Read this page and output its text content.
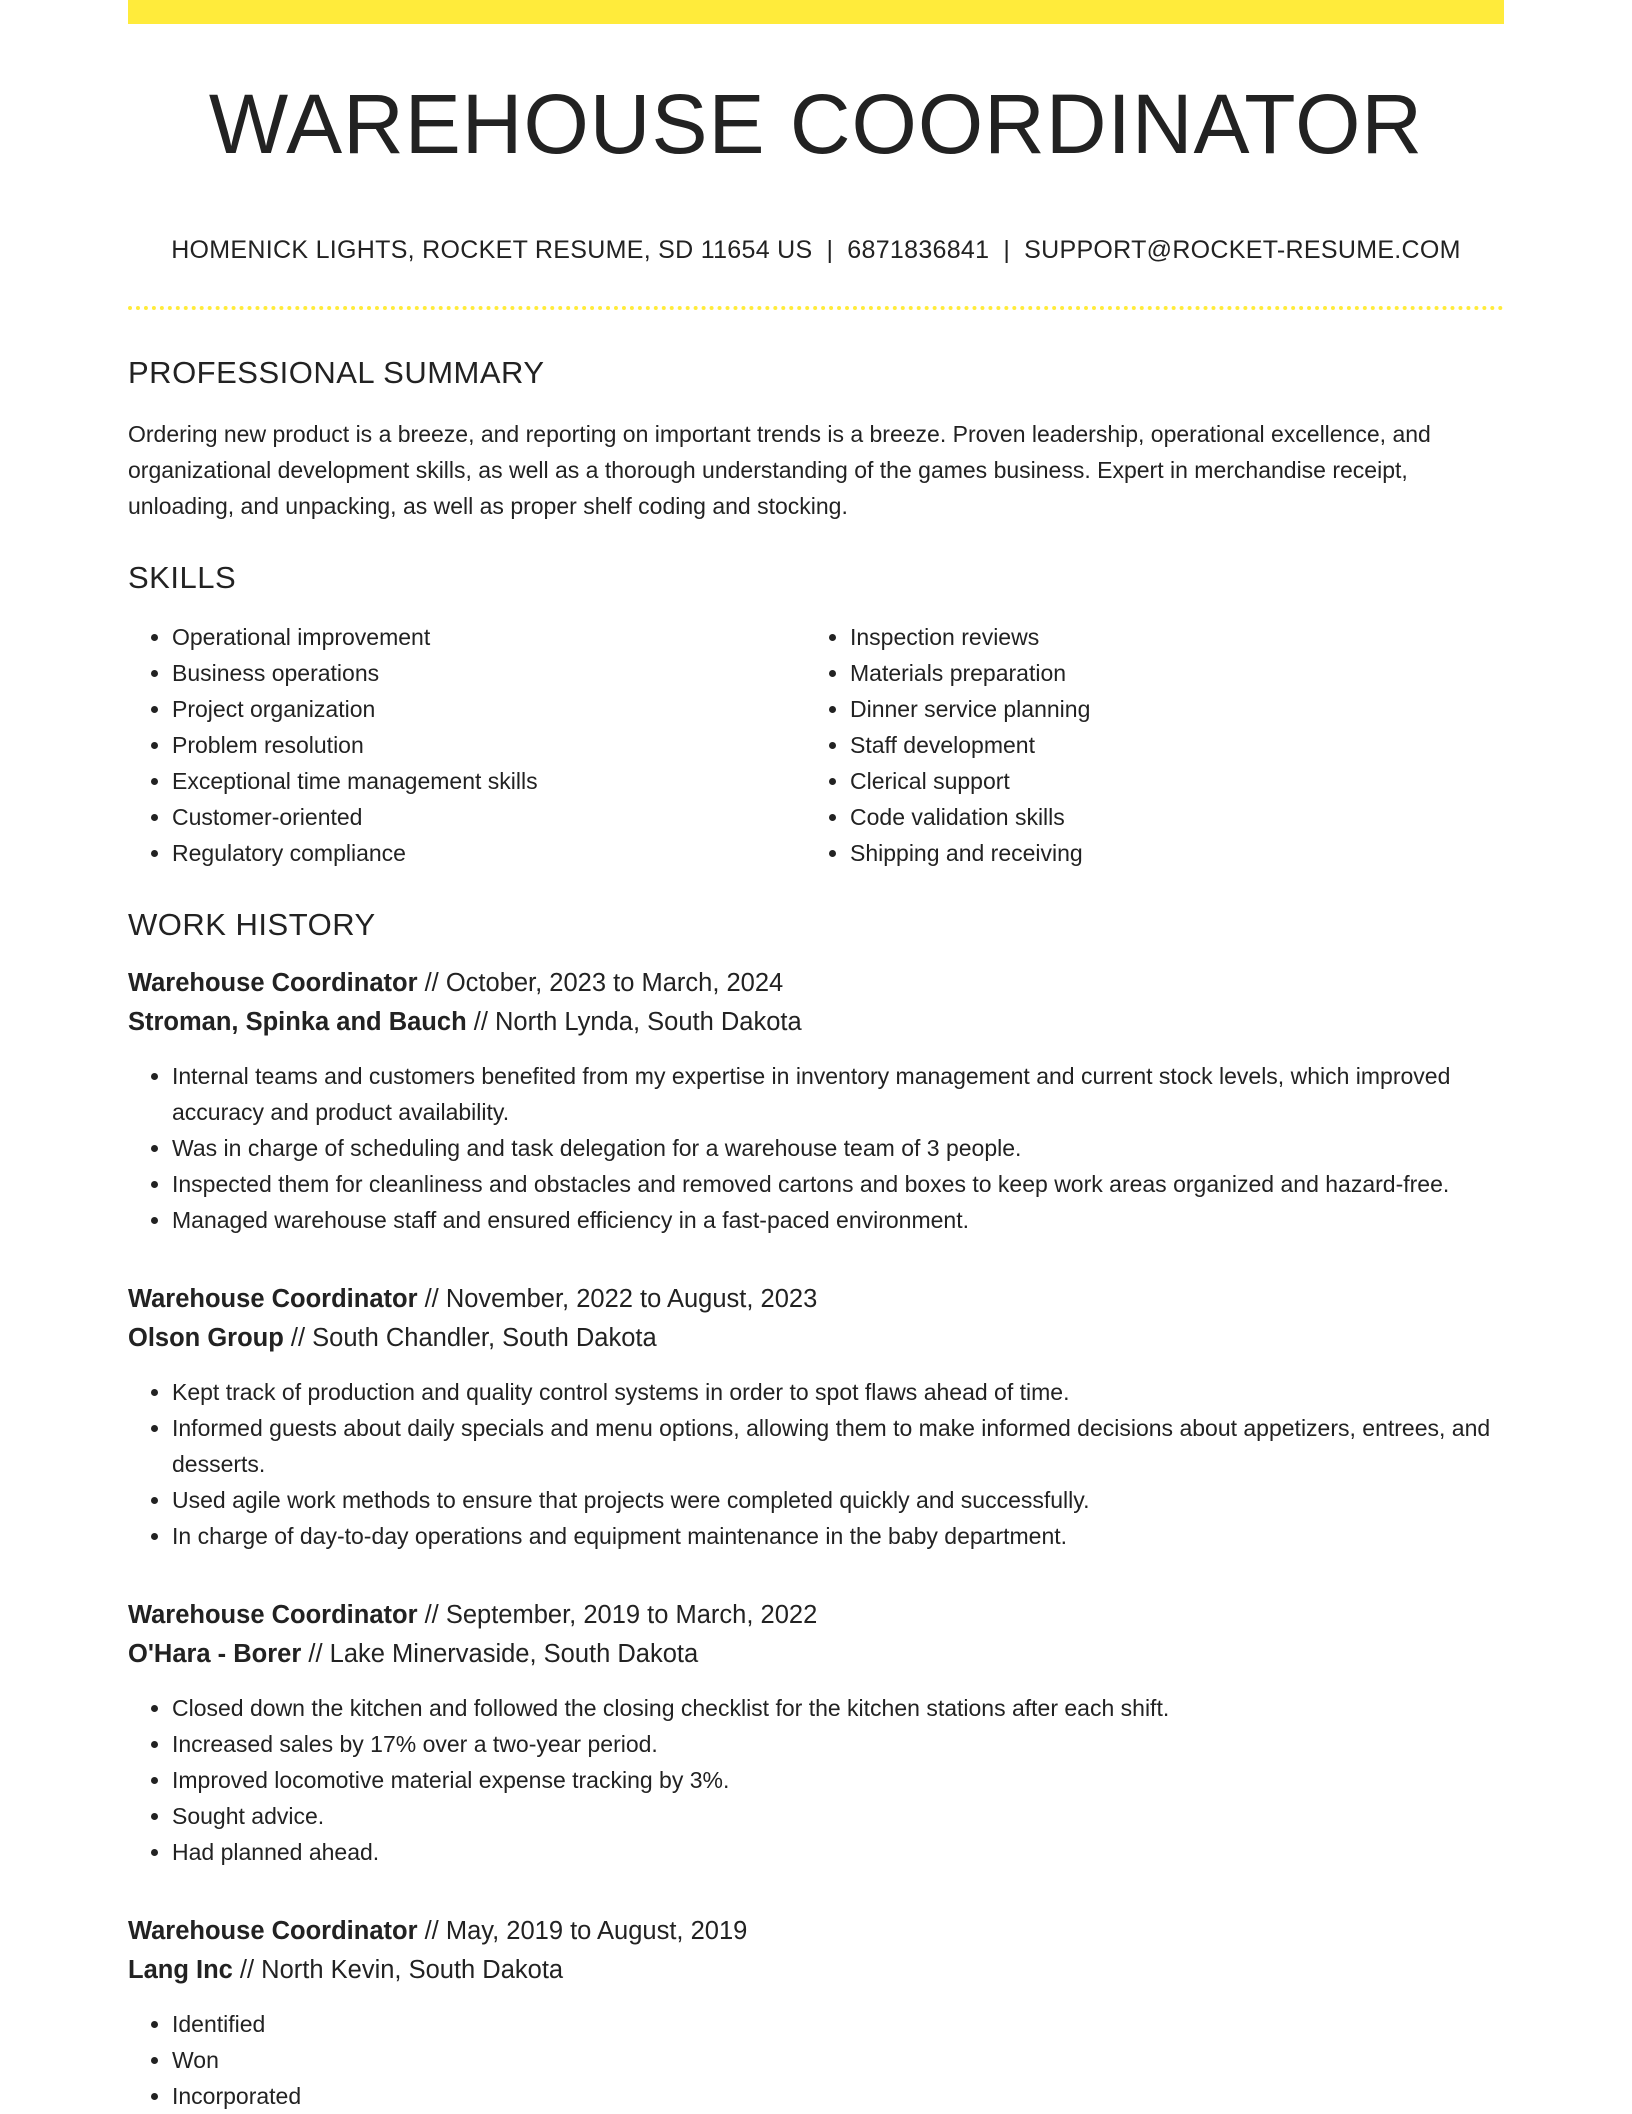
WAREHOUSE COORDINATOR
HOMENICK LIGHTS, ROCKET RESUME, SD 11654 US | 6871836841 | SUPPORT@ROCKET-RESUME.COM
PROFESSIONAL SUMMARY

Ordering new product is a breeze, and reporting on important trends is a breeze. Proven leadership, operational excellence, and organizational development skills, as well as a thorough understanding of the games business. Expert in merchandise receipt, unloading, and unpacking, as well as proper shelf coding and stocking.

SKILLS
• Operational improvement
• Business operations
• Project organization
• Problem resolution
• Exceptional time management skills
• Customer-oriented
• Regulatory compliance
• Inspection reviews
• Materials preparation
• Dinner service planning
• Staff development
• Clerical support
• Code validation skills
• Shipping and receiving
WORK HISTORY
Warehouse Coordinator // October, 2023 to March, 2024
Stroman, Spinka and Bauch // North Lynda, South Dakota
• Internal teams and customers benefited from my expertise in inventory management and current stock levels, which improved accuracy and product availability.
• Was in charge of scheduling and task delegation for a warehouse team of 3 people.
• Inspected them for cleanliness and obstacles and removed cartons and boxes to keep work areas organized and hazard-free.
• Managed warehouse staff and ensured efficiency in a fast-paced environment.
Warehouse Coordinator // November, 2022 to August, 2023
Olson Group // South Chandler, South Dakota
• Kept track of production and quality control systems in order to spot flaws ahead of time.
• Informed guests about daily specials and menu options, allowing them to make informed decisions about appetizers, entrees, and desserts.
• Used agile work methods to ensure that projects were completed quickly and successfully.
• In charge of day-to-day operations and equipment maintenance in the baby department.
Warehouse Coordinator // September, 2019 to March, 2022
O'Hara - Borer // Lake Minervaside, South Dakota
• Closed down the kitchen and followed the closing checklist for the kitchen stations after each shift.
• Increased sales by 17% over a two-year period.
• Improved locomotive material expense tracking by 3%.
• Sought advice.
• Had planned ahead.
Warehouse Coordinator // May, 2019 to August, 2019
Lang Inc // North Kevin, South Dakota
• Identified
• Won
• Incorporated
